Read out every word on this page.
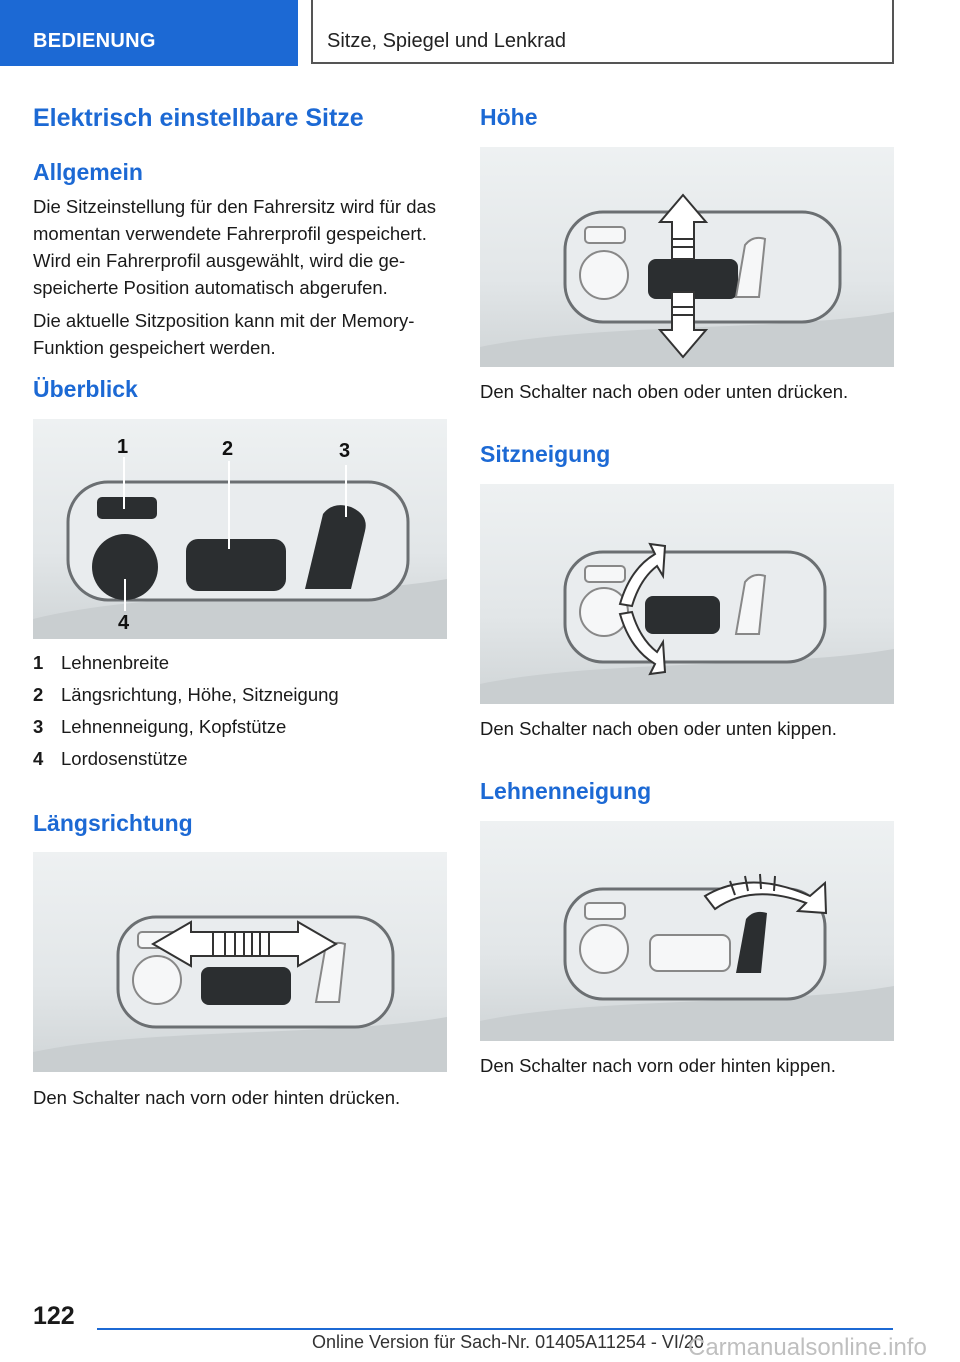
BEDIENUNG	Sitze, Spiegel und Lenkrad
Elektrisch einstellbare Sitze
Allgemein
Die Sitzeinstellung für den Fahrersitz wird für das
momentan verwendete Fahrerprofil gespeichert.
Wird ein Fahrerprofil ausgewählt, wird die ge‐
speicherte Position automatisch abgerufen.
Die aktuelle Sitzposition kann mit der Memory-
Funktion gespeichert werden.
Überblick
1	2	3
4
1 Lehnenbreite
2 Längsrichtung, Höhe, Sitzneigung
3 Lehnenneigung, Kopfstütze
4 Lordosenstütze
Längsrichtung
Den Schalter nach vorn oder hinten drücken.
Höhe
Den Schalter nach oben oder unten drücken.
Sitzneigung
Den Schalter nach oben oder unten kippen.
Lehnenneigung
Den Schalter nach vorn oder hinten kippen.
122
Online Version für Sach-Nr. 01405A11254 - VI/20
Carmanualsonline.info
